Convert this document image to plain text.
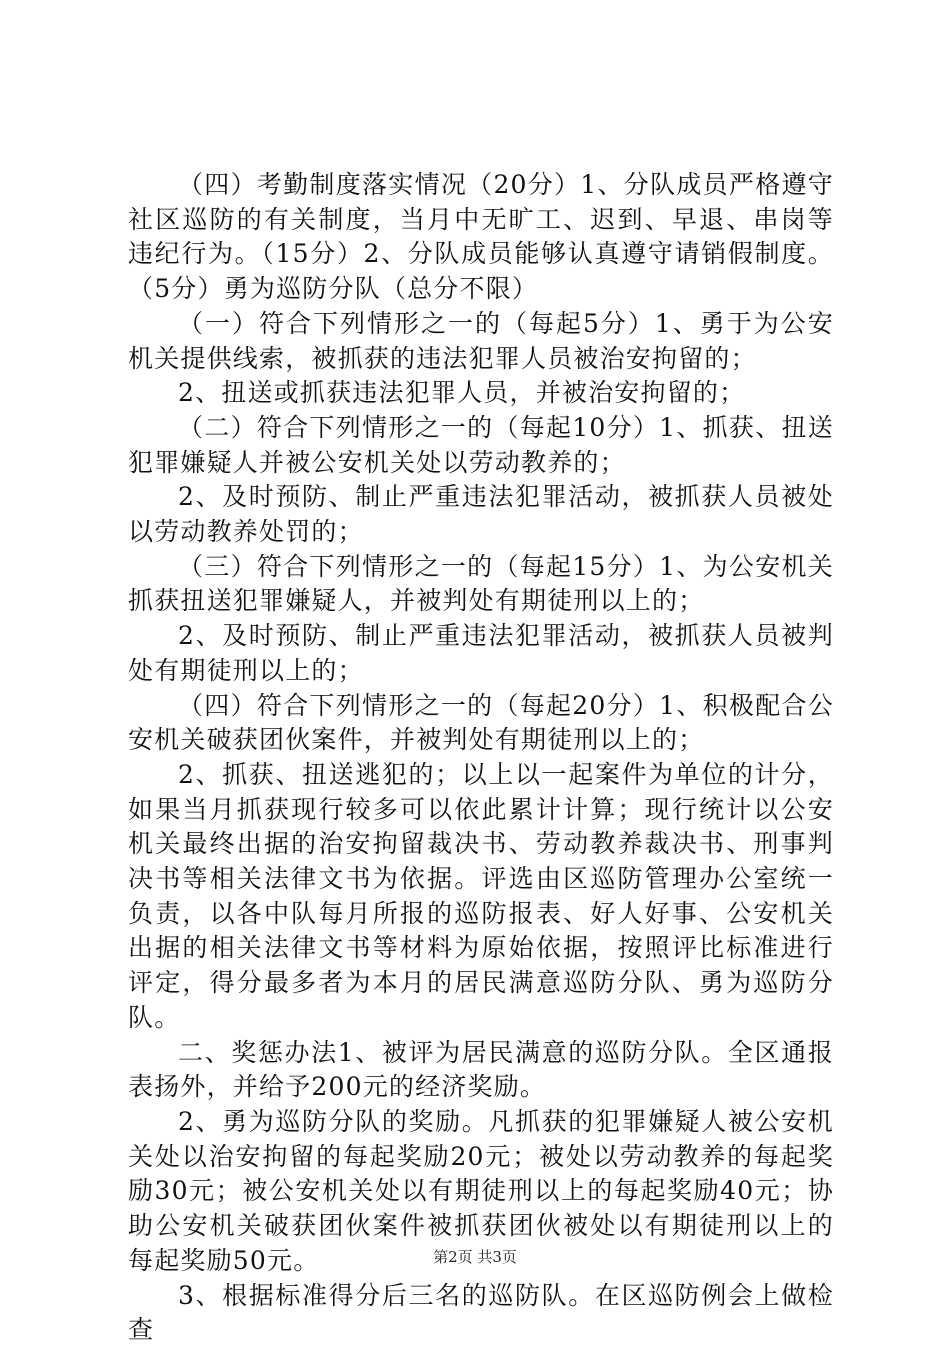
（四）考勤制度落实情况（20分）1、分队成员严格遵守社区巡防的有关制度，当月中无旷工、迟到、早退、串岗等违纪行为。（15分）2、分队成员能够认真遵守请销假制度。（5分）勇为巡防分队（总分不限）

（一）符合下列情形之一的（每起5分）1、勇于为公安机关提供线索，被抓获的违法犯罪人员被治安拘留的；

2、扭送或抓获违法犯罪人员，并被治安拘留的；

（二）符合下列情形之一的（每起10分）1、抓获、扭送犯罪嫌疑人并被公安机关处以劳动教养的；

2、及时预防、制止严重违法犯罪活动，被抓获人员被处以劳动教养处罚的；

（三）符合下列情形之一的（每起15分）1、为公安机关抓获扭送犯罪嫌疑人，并被判处有期徒刑以上的；

2、及时预防、制止严重违法犯罪活动，被抓获人员被判处有期徒刑以上的；

（四）符合下列情形之一的（每起20分）1、积极配合公安机关破获团伙案件，并被判处有期徒刑以上的；

2、抓获、扭送逃犯的；以上以一起案件为单位的计分，如果当月抓获现行较多可以依此累计计算；现行统计以公安机关最终出据的治安拘留裁决书、劳动教养裁决书、刑事判决书等相关法律文书为依据。评选由区巡防管理办公室统一负责，以各中队每月所报的巡防报表、好人好事、公安机关出据的相关法律文书等材料为原始依据，按照评比标准进行评定，得分最多者为本月的居民满意巡防分队、勇为巡防分队。

二、奖惩办法1、被评为居民满意的巡防分队。全区通报表扬外，并给予200元的经济奖励。

2、勇为巡防分队的奖励。凡抓获的犯罪嫌疑人被公安机关处以治安拘留的每起奖励20元；被处以劳动教养的每起奖励30元；被公安机关处以有期徒刑以上的每起奖励40元；协助公安机关破获团伙案件被抓获团伙被处以有期徒刑以上的每起奖励50元。

3、根据标准得分后三名的巡防队。在区巡防例会上做检查

第2页 共3页
